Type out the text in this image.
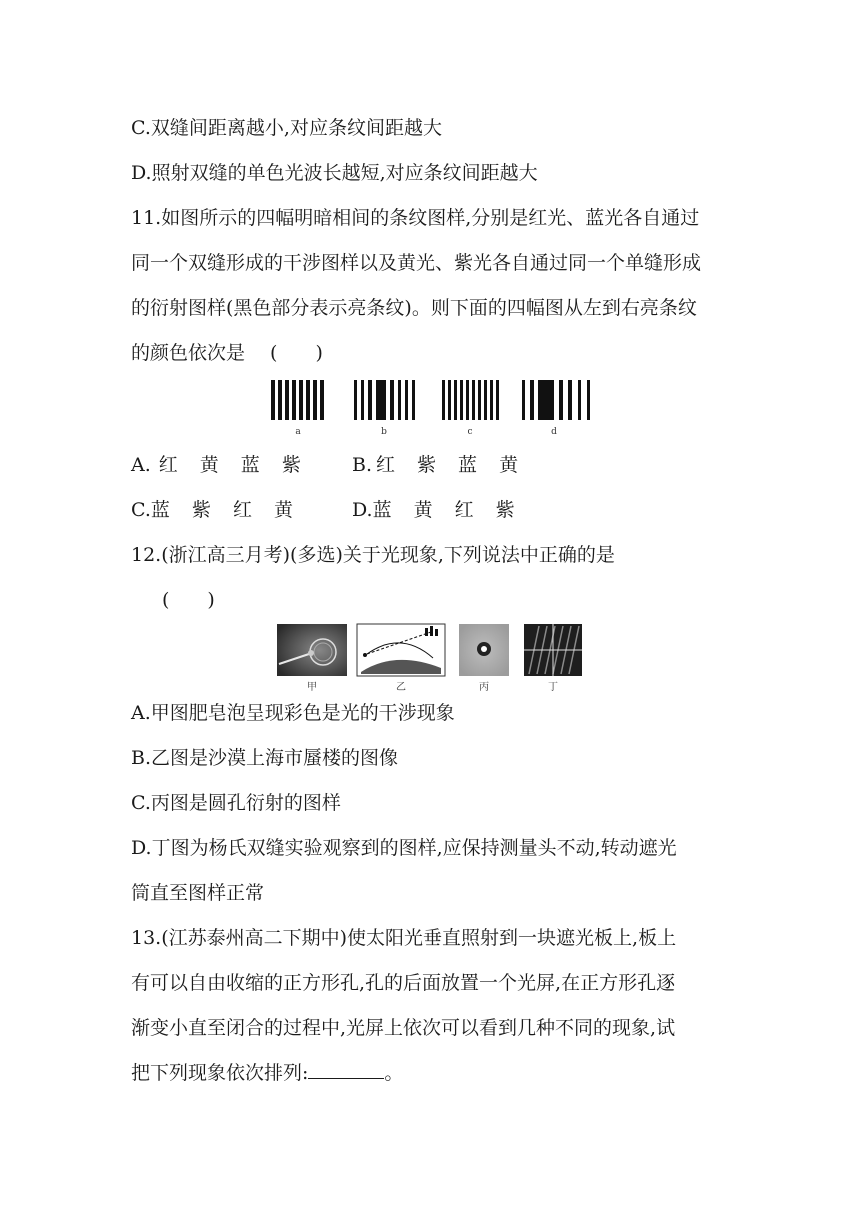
C.双缝间距离越小,对应条纹间距越大
D.照射双缝的单色光波长越短,对应条纹间距越大
11.如图所示的四幅明暗相间的条纹图样,分别是红光、蓝光各自通过
同一个双缝形成的干涉图样以及黄光、紫光各自通过同一个单缝形成
的衍射图样(黑色部分表示亮条纹)。则下面的四幅图从左到右亮条纹
的颜色依次是　 (　　)
a	b	c	d
A. 红 黄 蓝 紫	B. 红 紫 蓝 黄
C.蓝 紫 红 黄	D.蓝 黄 红 紫
12.(浙江高三月考)(多选)关于光现象,下列说法中正确的是
(　　)
甲	乙	丙	丁
A.甲图肥皂泡呈现彩色是光的干涉现象
B.乙图是沙漠上海市蜃楼的图像
C.丙图是圆孔衍射的图样
D.丁图为杨氏双缝实验观察到的图样,应保持测量头不动,转动遮光
筒直至图样正常
13.(江苏泰州高二下期中)使太阳光垂直照射到一块遮光板上,板上
有可以自由收缩的正方形孔,孔的后面放置一个光屏,在正方形孔逐
渐变小直至闭合的过程中,光屏上依次可以看到几种不同的现象,试
把下列现象依次排列:	。
